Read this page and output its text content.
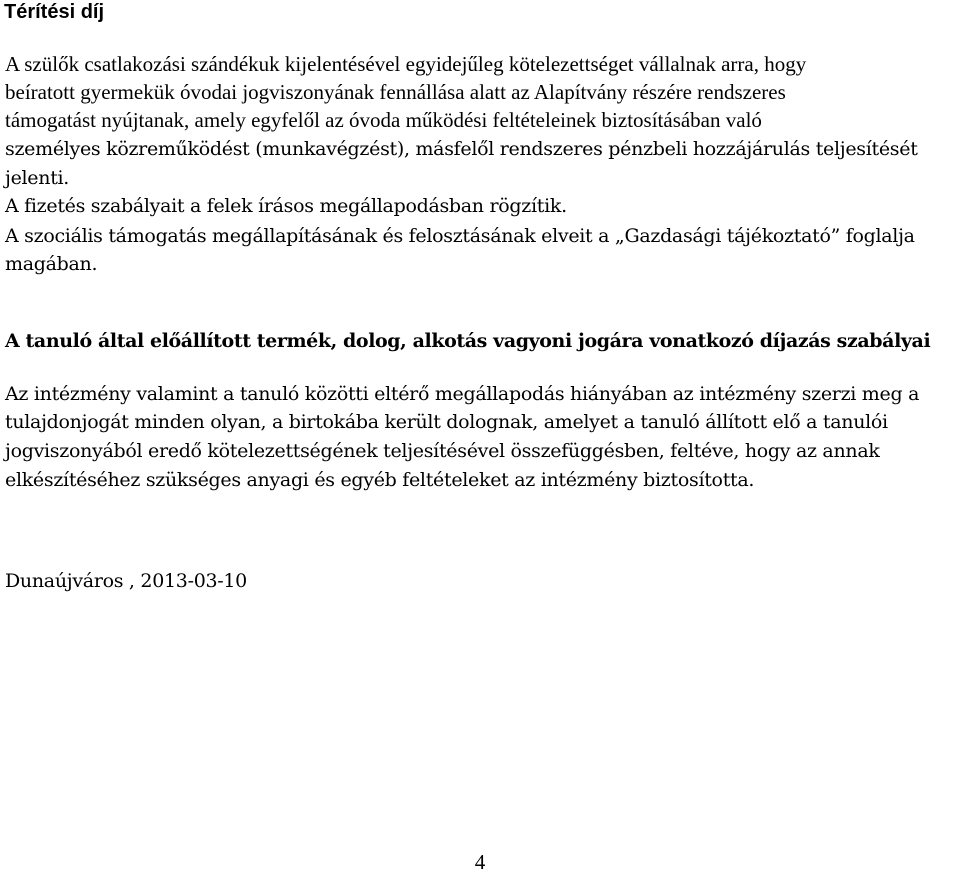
Térítési díj

A szülők csatlakozási szándékuk kijelentésével egyidejűleg kötelezettséget vállalnak arra, hogy

beíratott gyermekük óvodai jogviszonyának fennállása alatt az Alapítvány részére rendszeres

támogatást nyújtanak, amely egyfelől az óvoda működési feltételeinek biztosításában való

személyes közreműködést (munkavégzést), másfelől rendszeres pénzbeli hozzájárulás teljesítését

jelenti.

A fizetés szabályait a felek írásos megállapodásban rögzítik.

A szociális támogatás megállapításának és felosztásának elveit a „Gazdasági tájékoztató” foglalja

magában.

A tanuló által előállított termék, dolog, alkotás vagyoni jogára vonatkozó díjazás szabályai

Az intézmény valamint a tanuló közötti eltérő megállapodás hiányában az intézmény szerzi meg a

tulajdonjogát minden olyan, a birtokába került dolognak, amelyet a tanuló állított elő a tanulói

jogviszonyából eredő kötelezettségének teljesítésével összefüggésben, feltéve, hogy az annak

elkészítéséhez szükséges anyagi és egyéb feltételeket az intézmény biztosította.

Dunaújváros , 2013-03-10

4
